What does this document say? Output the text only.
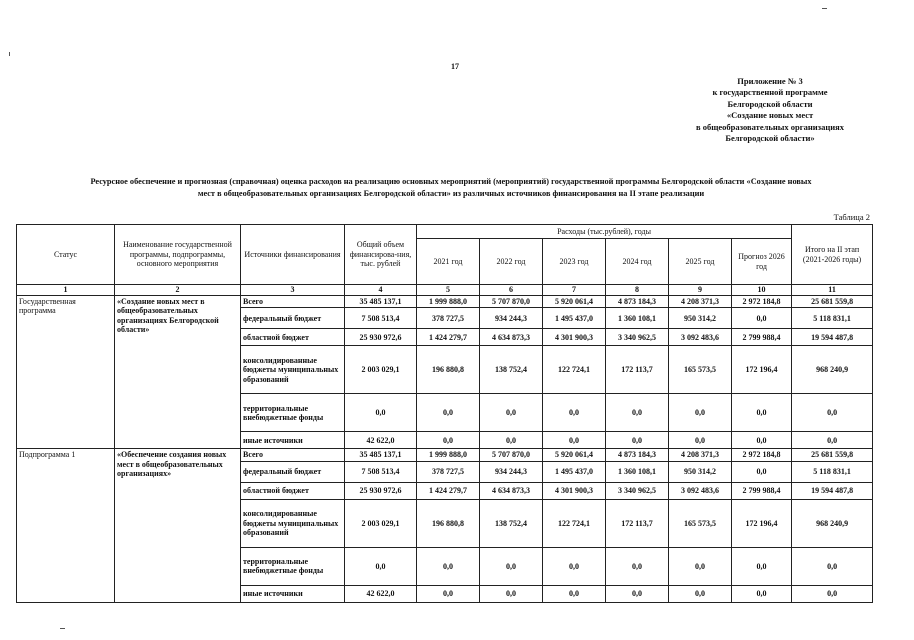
17
Приложение № 3
к государственной программе
Белгородской области
«Создание новых мест
в общеобразовательных организациях
Белгородской области»
Ресурсное обеспечение и прогнозная (справочная) оценка расходов на реализацию основных мероприятий (мероприятий) государственной программы Белгородской области «Создание новых
мест в общеобразовательных организациях Белгородской области» из различных источников финансирования на II этапе реализации
Таблица 2
Статус	Наименование государственной программы, подпрограммы, основного мероприятия	Источники финансирования	Общий объем финансирова-ния, тыс. рублей	Расходы (тыс.рублей), годы						Итого на II этап (2021-2026 годы)
				2021 год	2022 год	2023 год	2024 год	2025 год	Прогноз 2026 год	
1	2	3	4	5	6	7	8	9	10	11
Государственная программа	«Создание новых мест в общеобразовательных организациях Белгородской области»	Всего	35 485 137,1	1 999 888,0	5 707 870,0	5 920 061,4	4 873 184,3	4 208 371,3	2 972 184,8	25 681 559,8
		федеральный бюджет	7 508 513,4	378 727,5	934 244,3	1 495 437,0	1 360 108,1	950 314,2	0,0	5 118 831,1
		областной бюджет	25 930 972,6	1 424 279,7	4 634 873,3	4 301 900,3	3 340 962,5	3 092 483,6	2 799 988,4	19 594 487,8
		консолидированные бюджеты муниципальных образований	2 003 029,1	196 880,8	138 752,4	122 724,1	172 113,7	165 573,5	172 196,4	968 240,9
		территориальные внебюджетные фонды	0,0	0,0	0,0	0,0	0,0	0,0	0,0	0,0
		иные источники	42 622,0	0,0	0,0	0,0	0,0	0,0	0,0	0,0
Подпрограмма 1	«Обеспечение создания новых мест в общеобразовательных организациях»	Всего	35 485 137,1	1 999 888,0	5 707 870,0	5 920 061,4	4 873 184,3	4 208 371,3	2 972 184,8	25 681 559,8
		федеральный бюджет	7 508 513,4	378 727,5	934 244,3	1 495 437,0	1 360 108,1	950 314,2	0,0	5 118 831,1
		областной бюджет	25 930 972,6	1 424 279,7	4 634 873,3	4 301 900,3	3 340 962,5	3 092 483,6	2 799 988,4	19 594 487,8
		консолидированные бюджеты муниципальных образований	2 003 029,1	196 880,8	138 752,4	122 724,1	172 113,7	165 573,5	172 196,4	968 240,9
		территориальные внебюджетные фонды	0,0	0,0	0,0	0,0	0,0	0,0	0,0	0,0
		иные источники	42 622,0	0,0	0,0	0,0	0,0	0,0	0,0	0,0
